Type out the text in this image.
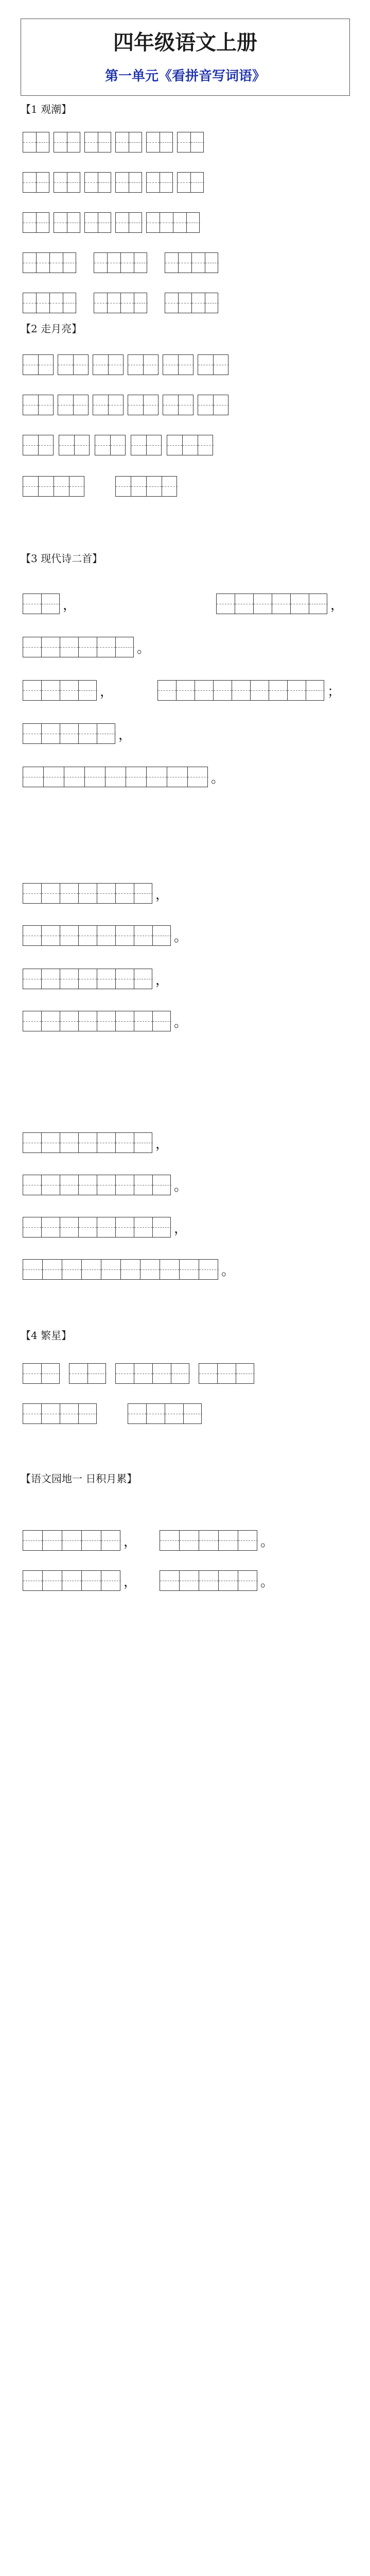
四年级语文上册
第一单元《看拼音写词语》
【1 观潮】
【2 走月亮】
【3 现代诗二首】
，	，
。
，	；
，
。
，
。
，
。
，
。
，
。
【4 繁星】
【语文园地一 日积月累】
，	。
，	。
